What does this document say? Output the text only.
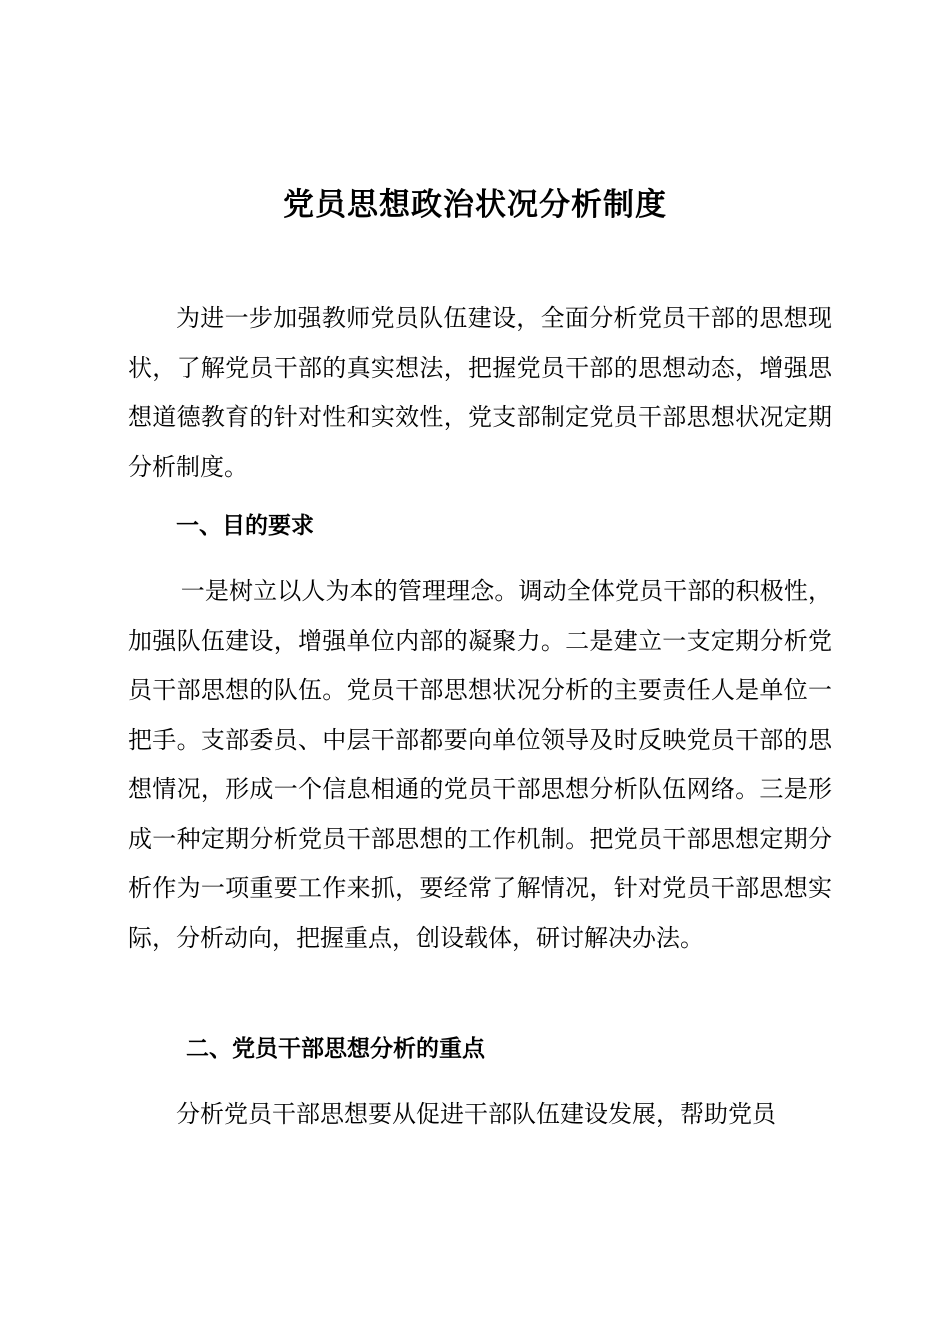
党员思想政治状况分析制度

为进一步加强教师党员队伍建设，全面分析党员干部的思想现状，了解党员干部的真实想法，把握党员干部的思想动态，增强思想道德教育的针对性和实效性，党支部制定党员干部思想状况定期分析制度。

一、目的要求

一是树立以人为本的管理理念。调动全体党员干部的积极性，加强队伍建设，增强单位内部的凝聚力。二是建立一支定期分析党员干部思想的队伍。党员干部思想状况分析的主要责任人是单位一把手。支部委员、中层干部都要向单位领导及时反映党员干部的思想情况，形成一个信息相通的党员干部思想分析队伍网络。三是形成一种定期分析党员干部思想的工作机制。把党员干部思想定期分析作为一项重要工作来抓，要经常了解情况，针对党员干部思想实际，分析动向，把握重点，创设载体，研讨解决办法。

二、党员干部思想分析的重点

分析党员干部思想要从促进干部队伍建设发展，帮助党员
